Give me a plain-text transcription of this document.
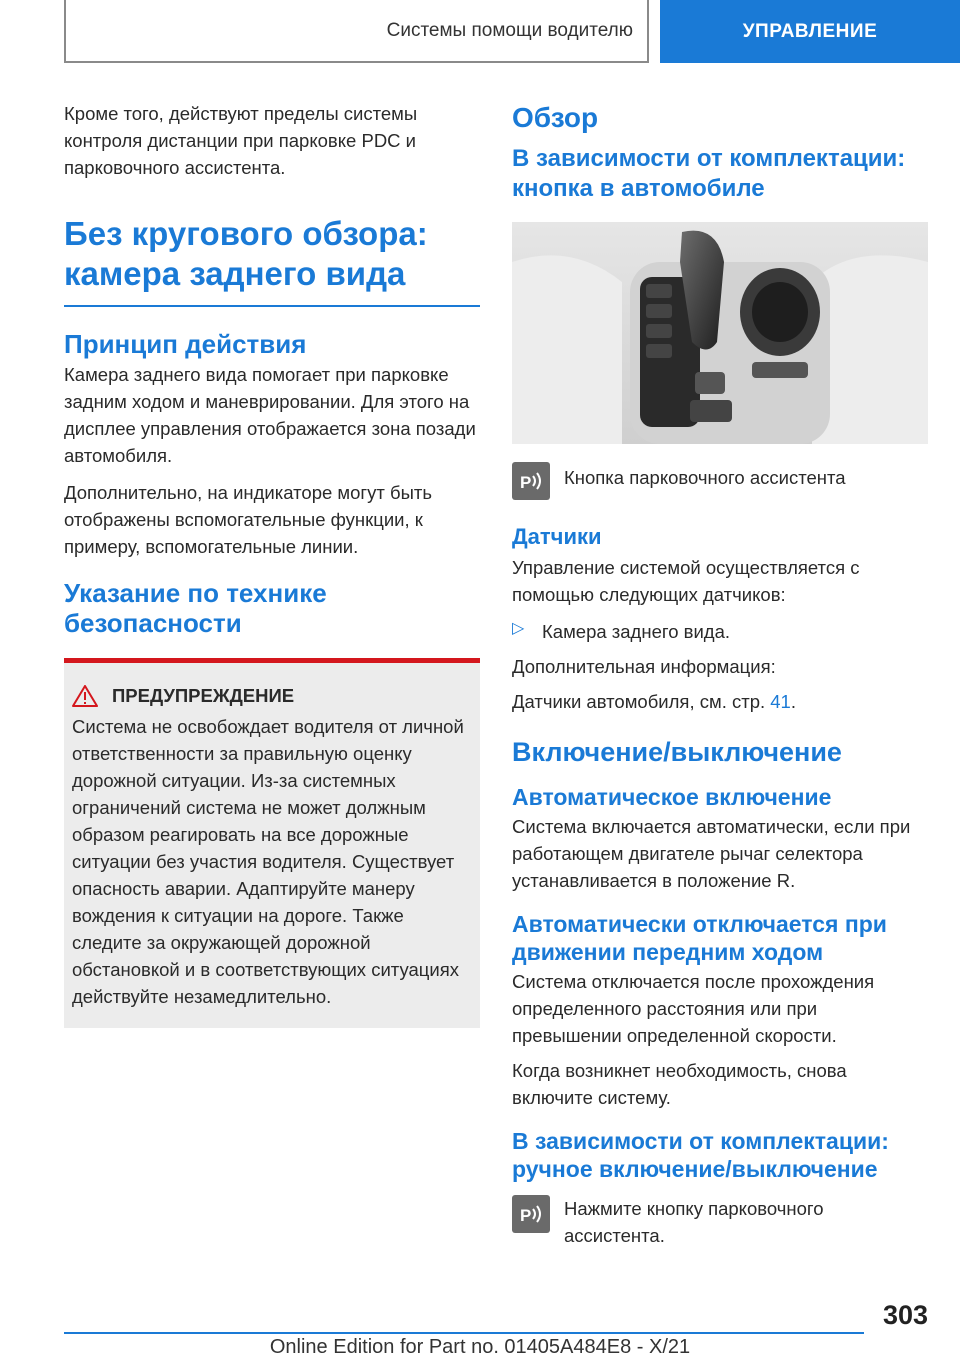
Системы помощи водителю	УПРАВЛЕНИЕ

Кроме того, действуют пределы системы контроля дистанции при парковке PDC и парковочного ассистента.

Без кругового обзора: камера заднего вида
Принцип действия

Камера заднего вида помогает при парковке задним ходом и маневрировании. Для этого на дисплее управления отображается зона позади автомобиля.

Дополнительно, на индикаторе могут быть отображены вспомогательные функции, к примеру, вспомогательные линии.

Указание по технике безопасности
ПРЕДУПРЕЖДЕНИЕ

Система не освобождает водителя от личной ответственности за правильную оценку дорожной ситуации. Из-за системных ограничений система не может должным образом реагировать на все дорожные ситуации без участия водителя. Существует опасность аварии. Адаптируйте манеру вождения к ситуации на дороге. Также следите за окружающей дорожной обстановкой и в соответствующих ситуациях действуйте незамедлительно.

Обзор
В зависимости от комплектации: кнопка в автомобиле
P Кнопка парковочного ассистента

Датчики

Управление системой осуществляется с помощью следующих датчиков:

▷ Камера заднего вида.

Дополнительная информация:

Датчики автомобиля, см. стр. 41.

Включение/выключение
Автоматическое включение

Система включается автоматически, если при работающем двигателе рычаг селектора устанавливается в положение R.

Автоматически отключается при движении передним ходом

Система отключается после прохождения определенного расстояния или при превышении определенной скорости.

Когда возникнет необходимость, снова включите систему.

В зависимости от комплектации: ручное включение/выключение
P Нажмите кнопку парковочного ассистента.

303
Online Edition for Part no. 01405A484E8 - X/21
